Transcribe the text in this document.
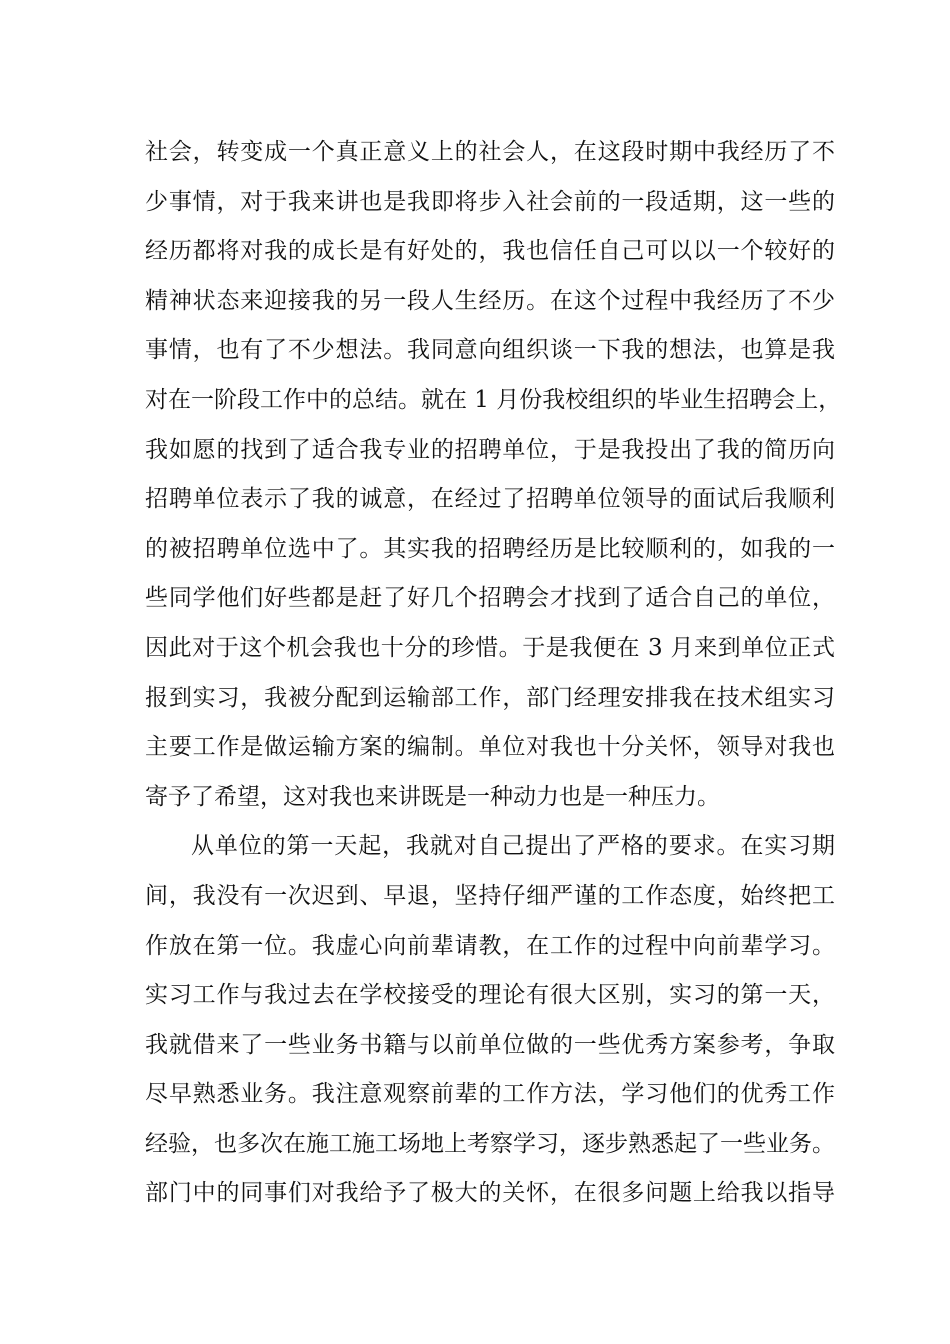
社会，转变成一个真正意义上的社会人，在这段时期中我经历了不
少事情，对于我来讲也是我即将步入社会前的一段适期，这一些的
经历都将对我的成长是有好处的，我也信任自己可以以一个较好的
精神状态来迎接我的另一段人生经历。在这个过程中我经历了不少
事情，也有了不少想法。我同意向组织谈一下我的想法，也算是我
对在一阶段工作中的总结。就在 1 月份我校组织的毕业生招聘会上，
我如愿的找到了适合我专业的招聘单位，于是我投出了我的简历向
招聘单位表示了我的诚意，在经过了招聘单位领导的面试后我顺利
的被招聘单位选中了。其实我的招聘经历是比较顺利的，如我的一
些同学他们好些都是赶了好几个招聘会才找到了适合自己的单位，
因此对于这个机会我也十分的珍惜。于是我便在 3 月来到单位正式
报到实习，我被分配到运输部工作，部门经理安排我在技术组实习
主要工作是做运输方案的编制。单位对我也十分关怀，领导对我也
寄予了希望，这对我也来讲既是一种动力也是一种压力。
从单位的第一天起，我就对自己提出了严格的要求。在实习期
间，我没有一次迟到、早退，坚持仔细严谨的工作态度，始终把工
作放在第一位。我虚心向前辈请教，在工作的过程中向前辈学习。
实习工作与我过去在学校接受的理论有很大区别，实习的第一天，
我就借来了一些业务书籍与以前单位做的一些优秀方案参考，争取
尽早熟悉业务。我注意观察前辈的工作方法，学习他们的优秀工作
经验，也多次在施工施工场地上考察学习，逐步熟悉起了一些业务。
部门中的同事们对我给予了极大的关怀，在很多问题上给我以指导
